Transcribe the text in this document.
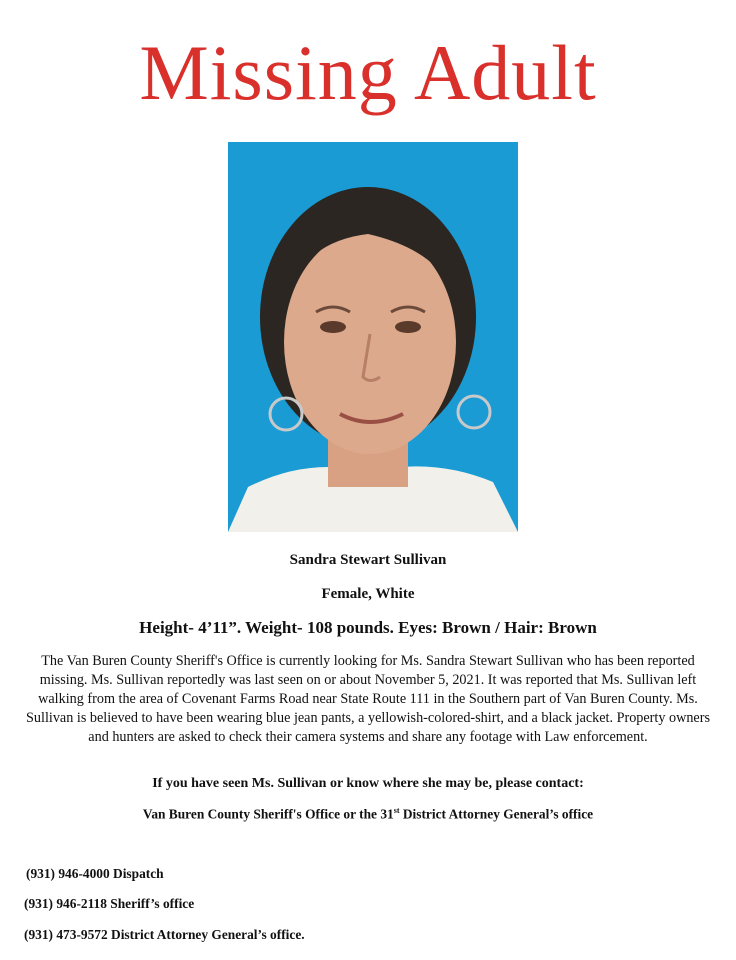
Missing Adult
Sandra Stewart Sullivan
Female, White
Height- 4’11”. Weight- 108 pounds. Eyes: Brown / Hair: Brown
The Van Buren County Sheriff's Office is currently looking for Ms. Sandra Stewart Sullivan who has been reported missing. Ms. Sullivan reportedly was last seen on or about November 5, 2021. It was reported that Ms. Sullivan left walking from the area of Covenant Farms Road near State Route 111 in the Southern part of Van Buren County. Ms. Sullivan is believed to have been wearing blue jean pants, a yellowish-colored-shirt, and a black jacket. Property owners and hunters are asked to check their camera systems and share any footage with Law enforcement.
If you have seen Ms. Sullivan or know where she may be, please contact:
Van Buren County Sheriff's Office or the 31st District Attorney General’s office
(931) 946-4000 Dispatch
(931) 946-2118 Sheriff’s office
(931) 473-9572 District Attorney General’s office.
